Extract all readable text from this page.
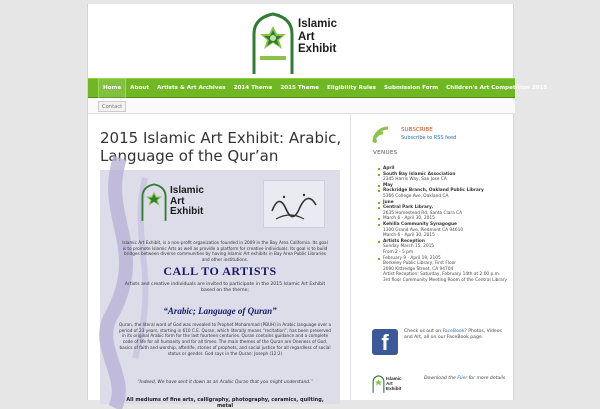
Islamic
Art
Exhibit
Home	About	Artists & Art Archives	2014 Theme	2015 Theme	Eligibility Rules	Submission Form	Children's Art Competition 2015
Contact
2015 Islamic Art Exhibit: Arabic, Language of the Qur’an
Islamic
Art
Exhibit
Islamic Art Exhibit, is a non-profit organization founded in 2009 in the Bay Area California. Its goal is to promote Islamic Arts as well as provide a platform for creative individuals. Its goal is to build bridges between diverse communities by having Islamic Art exhibits in Bay Area Public Libraries and other institutions.
CALL TO ARTISTS
Artists and creative individuals are invited to participate in the 2015 Islamic Art Exhibit based on the theme;
“Arabic; Language of Quran”
Quran, the literal word of God was revealed to Prophet Mohammad (PBUH) in Arabic language over a period of 23 years, starting in 610 C.E. Quran, which literally means “recitation”, has been preserved in its original Arabic form for the last fourteen centuries. Quran contains guidance and a complete code of life for all humanity and for all times. The main themes of the Quran are Oneness of God, basics of faith and worship, afterlife, stories of prophets, and social justice for all regardless of social status or gender. God says in the Quran: Joseph (12:2)
“Indeed, We have sent it down as an Arabic Quran that you might understand.”
All mediums of fine arts, calligraphy, photography, ceramics, quilting, metal
SUBSCRIBE
Subscribe to RSS feed
VENUES
April
South Bay Islamic Association
2345 Harris Way, San Jose CA
May
Rockridge Branch, Oakland Public Library
5366 College Ave, Oakland CA
June
Central Park Library,
2635 Homestead Rd, Santa Clara CA
March 6 - April 30, 2015
Kehilla Community Synagogue
1300 Grand Ave, Piedmont CA 94610
March 6 - April 30, 2015
Artists Reception
Sunday March 15, 2015
From 2 - 5 pm
February 9 - April 19, 2105
Berkeley Public Library, First Floor
2090 Kittredge Street, CA 94704
Artist Reception: Saturday, February 14th at 2:00 p.m.
3rd floor Community Meeting Room of the Central Library
f	Check us out on FaceBook? Photos, Videos and Art, all on our FaceBook page.
Islamic
Art
Exhibit
Download the Flier for more details
